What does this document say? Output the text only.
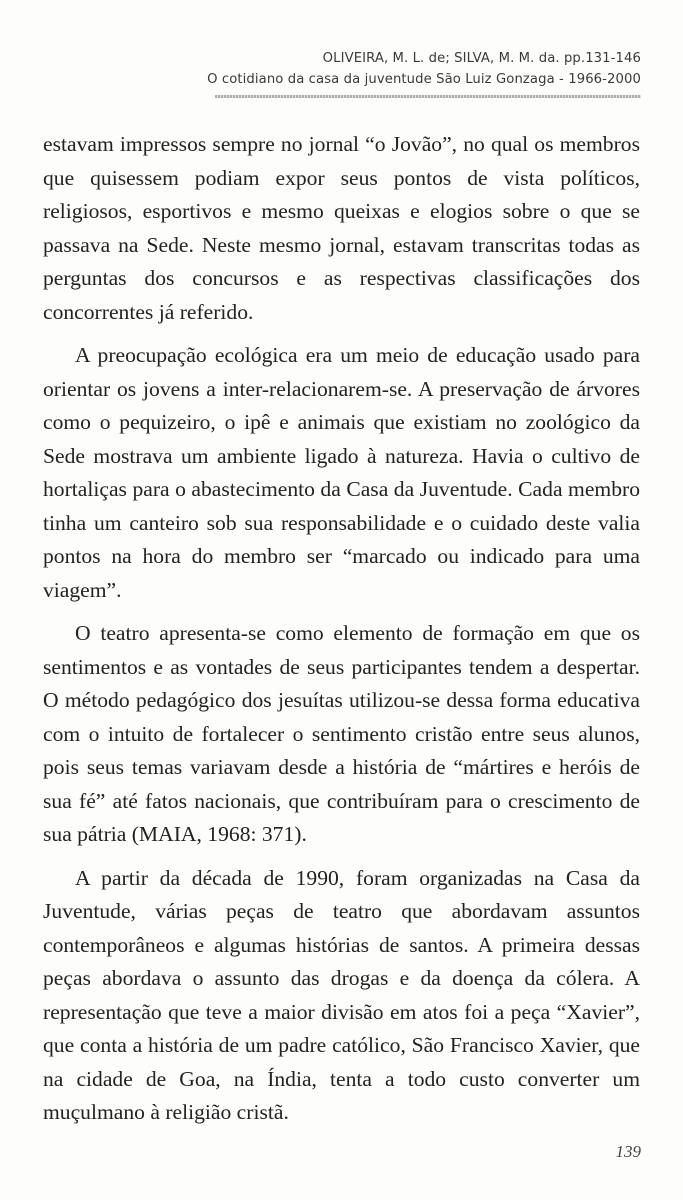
OLIVEIRA, M. L. de; SILVA, M. M. da. pp.131-146
O cotidiano da casa da juventude São Luiz Gonzaga - 1966-2000

estavam impressos sempre no jornal “o Jovão”, no qual os membros que quisessem podiam expor seus pontos de vista políticos, religiosos, esportivos e mesmo queixas e elogios sobre o que se passava na Sede. Neste mesmo jornal, estavam transcritas todas as perguntas dos concursos e as respectivas classificações dos concorrentes já referido.

A preocupação ecológica era um meio de educação usado para orientar os jovens a inter-relacionarem-se. A preservação de árvores como o pequizeiro, o ipê e animais que existiam no zoológico da Sede mostrava um ambiente ligado à natureza. Havia o cultivo de hortaliças para o abastecimento da Casa da Juventude. Cada membro tinha um canteiro sob sua responsabilidade e o cuidado deste valia pontos na hora do membro ser “marcado ou indicado para uma viagem”.

O teatro apresenta-se como elemento de formação em que os sentimentos e as vontades de seus participantes tendem a despertar. O método pedagógico dos jesuítas utilizou-se dessa forma educativa com o intuito de fortalecer o sentimento cristão entre seus alunos, pois seus temas variavam desde a história de “mártires e heróis de sua fé” até fatos nacionais, que contribuíram para o crescimento de sua pátria (MAIA, 1968: 371).

A partir da década de 1990, foram organizadas na Casa da Juventude, várias peças de teatro que abordavam assuntos contemporâneos e algumas histórias de santos. A primeira dessas peças abordava o assunto das drogas e da doença da cólera. A representação que teve a maior divisão em atos foi a peça “Xavier”, que conta a história de um padre católico, São Francisco Xavier, que na cidade de Goa, na Índia, tenta a todo custo converter um muçulmano à religião cristã.

139
